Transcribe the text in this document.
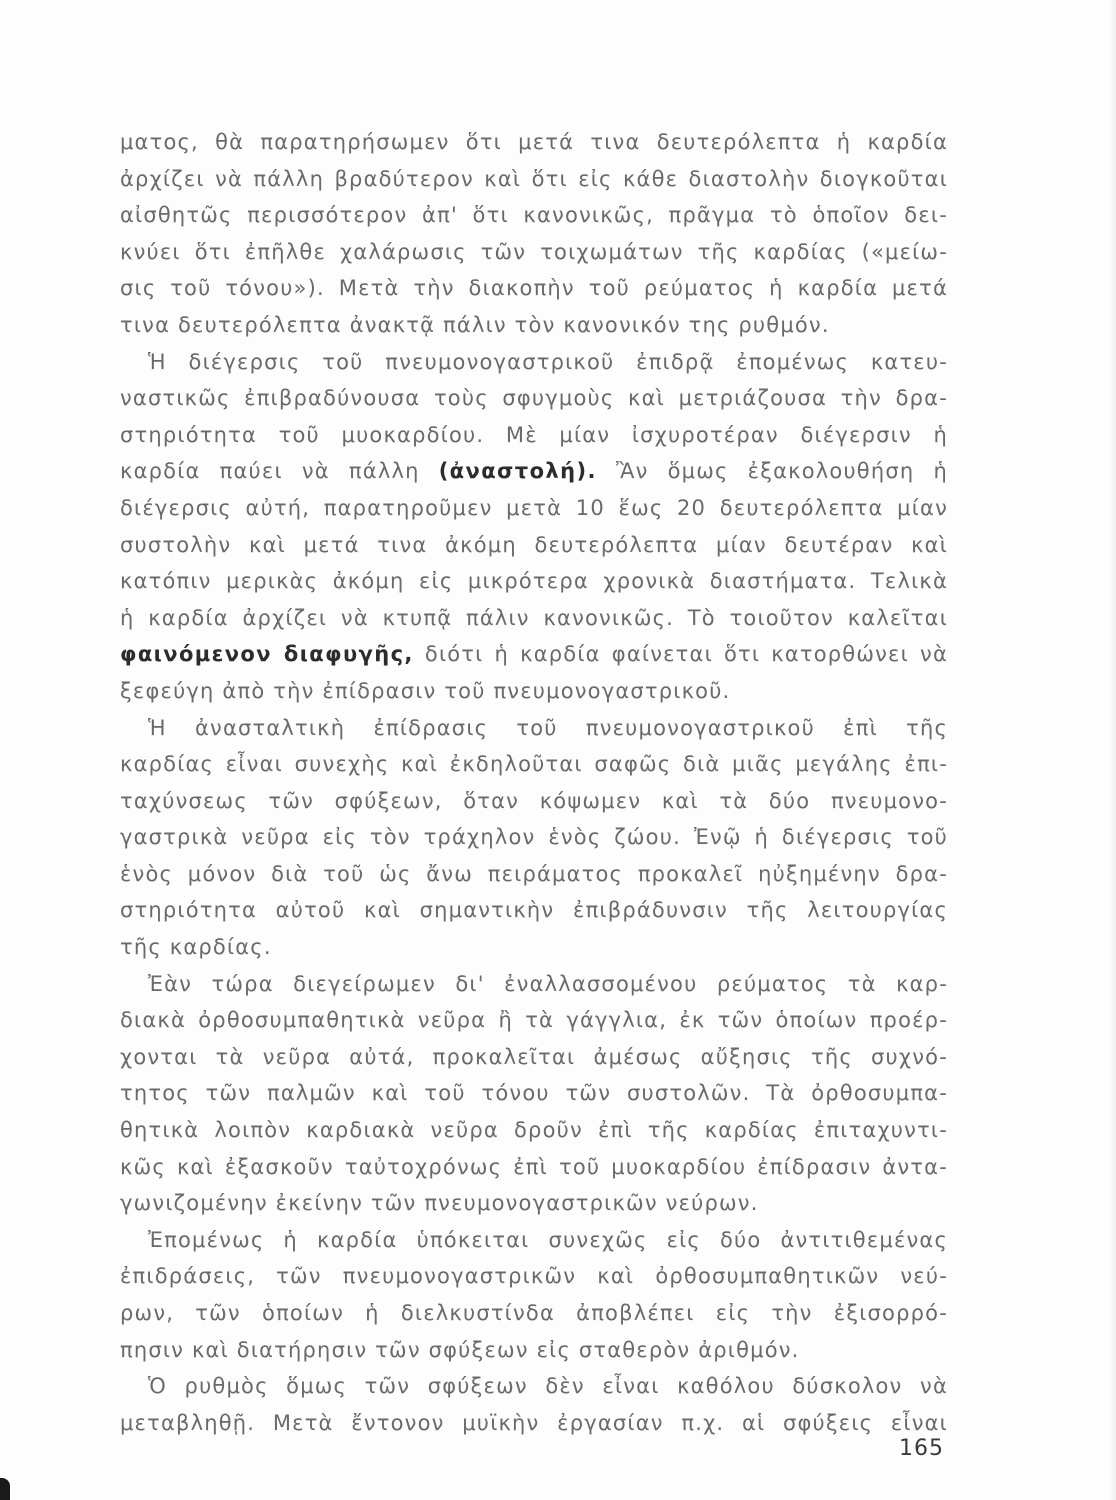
ματος, θὰ παρατηρήσωμεν ὅτι μετά τινα δευτερόλεπτα ἡ καρδία
ἀρχίζει νὰ πάλλη βραδύτερον καὶ ὅτι εἰς κάθε διαστολὴν διογκοῦται
αἰσθητῶς περισσότερον ἀπ' ὅτι κανονικῶς, πρᾶγμα τὸ ὁποῖον δει-
κνύει ὅτι ἐπῆλθε χαλάρωσις τῶν τοιχωμάτων τῆς καρδίας («μείω-
σις τοῦ τόνου»). Μετὰ τὴν διακοπὴν τοῦ ρεύματος ἡ καρδία μετά
τινα δευτερόλεπτα ἀνακτᾷ πάλιν τὸν κανονικόν της ρυθμόν.
Ἡ διέγερσις τοῦ πνευμονογαστρικοῦ ἐπιδρᾷ ἐπομένως κατευ-
ναστικῶς ἐπιβραδύνουσα τοὺς σφυγμοὺς καὶ μετριάζουσα τὴν δρα-
στηριότητα τοῦ μυοκαρδίου. Μὲ μίαν ἰσχυροτέραν διέγερσιν ἡ
καρδία παύει νὰ πάλλη (ἀναστολή). Ἂν ὅμως ἐξακολουθήση ἡ
διέγερσις αὐτή, παρατηροῦμεν μετὰ 10 ἕως 20 δευτερόλεπτα μίαν
συστολὴν καὶ μετά τινα ἀκόμη δευτερόλεπτα μίαν δευτέραν καὶ
κατόπιν μερικὰς ἀκόμη εἰς μικρότερα χρονικὰ διαστήματα. Τελικὰ
ἡ καρδία ἀρχίζει νὰ κτυπᾷ πάλιν κανονικῶς. Τὸ τοιοῦτον καλεῖται
φαινόμενον διαφυγῆς, διότι ἡ καρδία φαίνεται ὅτι κατορθώνει νὰ
ξεφεύγη ἀπὸ τὴν ἐπίδρασιν τοῦ πνευμονογαστρικοῦ.
Ἡ ἀνασταλτικὴ ἐπίδρασις τοῦ πνευμονογαστρικοῦ ἐπὶ τῆς
καρδίας εἶναι συνεχὴς καὶ ἐκδηλοῦται σαφῶς διὰ μιᾶς μεγάλης ἐπι-
ταχύνσεως τῶν σφύξεων, ὅταν κόψωμεν καὶ τὰ δύο πνευμονο-
γαστρικὰ νεῦρα εἰς τὸν τράχηλον ἑνὸς ζώου. Ἐνῷ ἡ διέγερσις τοῦ
ἑνὸς μόνον διὰ τοῦ ὡς ἄνω πειράματος προκαλεῖ ηὐξημένην δρα-
στηριότητα αὐτοῦ καὶ σημαντικὴν ἐπιβράδυνσιν τῆς λειτουργίας
τῆς καρδίας.
Ἐὰν τώρα διεγείρωμεν δι' ἐναλλασσομένου ρεύματος τὰ καρ-
διακὰ ὀρθοσυμπαθητικὰ νεῦρα ἢ τὰ γάγγλια, ἐκ τῶν ὁποίων προέρ-
χονται τὰ νεῦρα αὐτά, προκαλεῖται ἀμέσως αὔξησις τῆς συχνό-
τητος τῶν παλμῶν καὶ τοῦ τόνου τῶν συστολῶν. Τὰ ὀρθοσυμπα-
θητικὰ λοιπὸν καρδιακὰ νεῦρα δροῦν ἐπὶ τῆς καρδίας ἐπιταχυντι-
κῶς καὶ ἐξασκοῦν ταὐτοχρόνως ἐπὶ τοῦ μυοκαρδίου ἐπίδρασιν ἀντα-
γωνιζομένην ἐκείνην τῶν πνευμονογαστρικῶν νεύρων.
Ἐπομένως ἡ καρδία ὑπόκειται συνεχῶς εἰς δύο ἀντιτιθεμένας
ἐπιδράσεις, τῶν πνευμονογαστρικῶν καὶ ὀρθοσυμπαθητικῶν νεύ-
ρων, τῶν ὁποίων ἡ διελκυστίνδα ἀποβλέπει εἰς τὴν ἐξισορρό-
πησιν καὶ διατήρησιν τῶν σφύξεων εἰς σταθερὸν ἀριθμόν.
Ὁ ρυθμὸς ὅμως τῶν σφύξεων δὲν εἶναι καθόλου δύσκολον νὰ
μεταβληθῇ. Μετὰ ἔντονον μυϊκὴν ἐργασίαν π.χ. αἱ σφύξεις εἶναι
165
